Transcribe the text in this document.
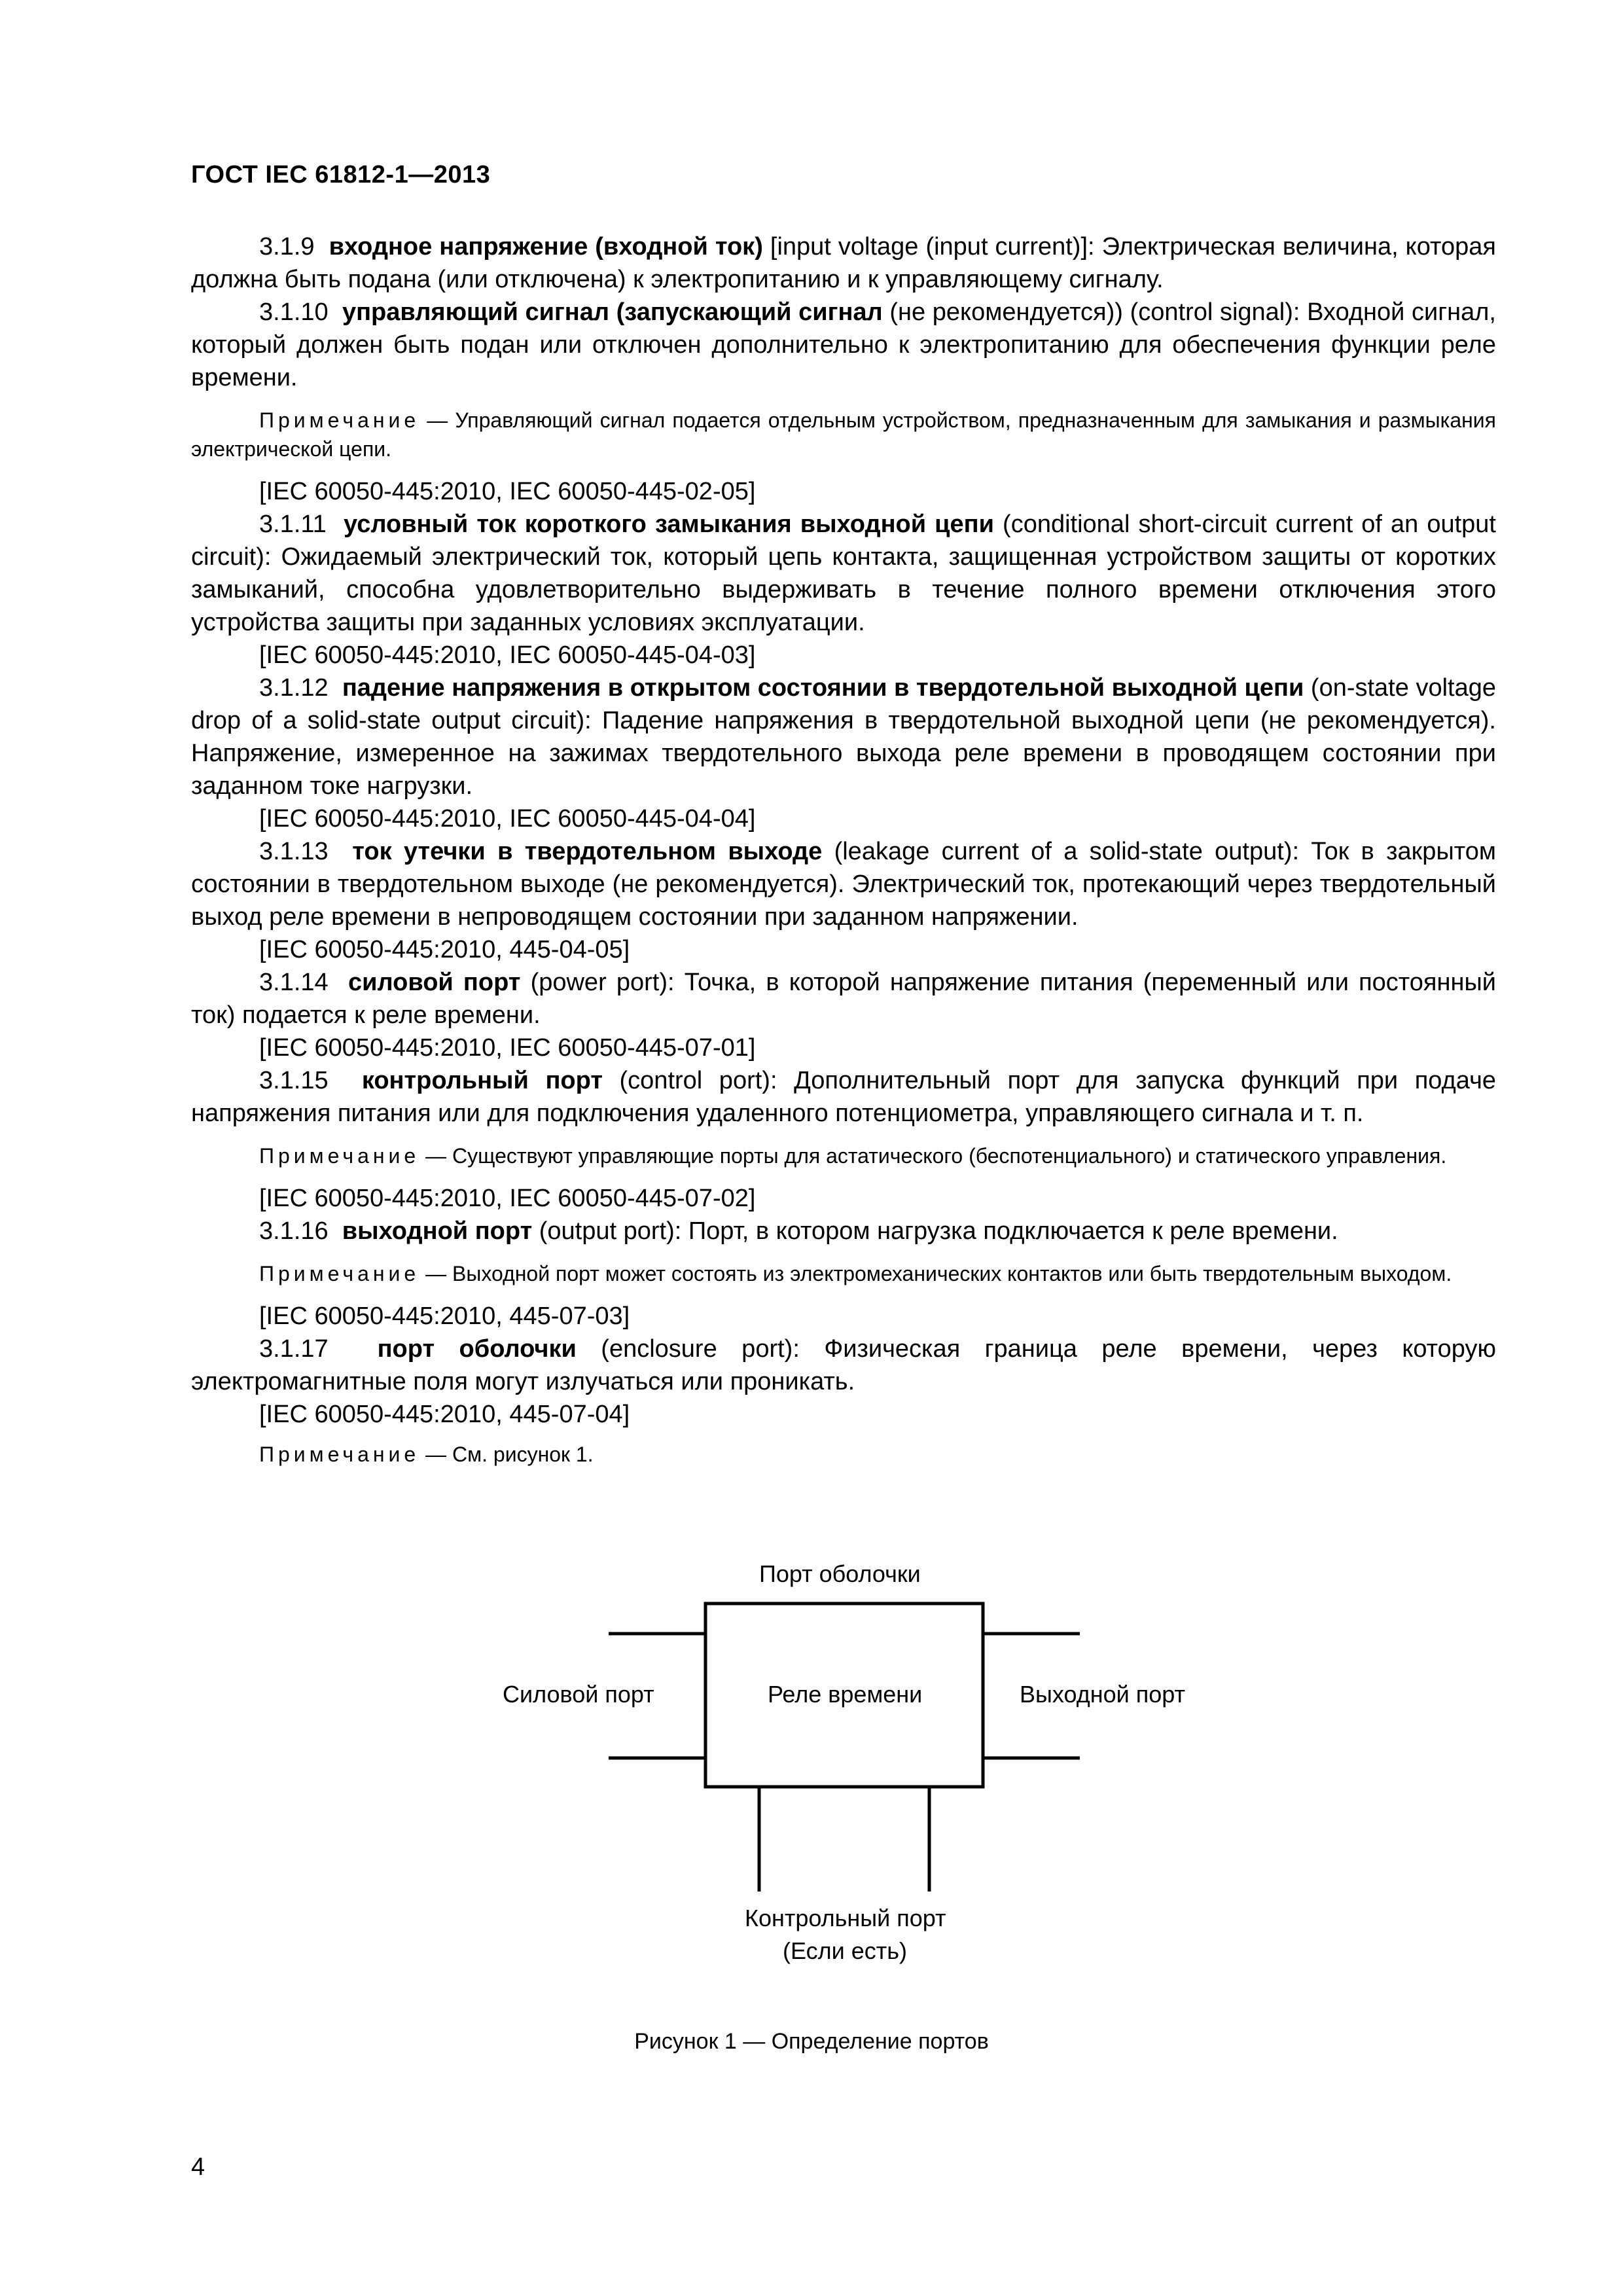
ГОСТ IEC 61812-1—2013

3.1.9 входное напряжение (входной ток) [input voltage (input current)]: Электрическая величина, которая должна быть подана (или отключена) к электропитанию и к управляющему сигналу.

3.1.10 управляющий сигнал (запускающий сигнал (не рекомендуется)) (control signal): Входной сигнал, который должен быть подан или отключен дополнительно к электропитанию для обеспечения функции реле времени.

Примечание — Управляющий сигнал подается отдельным устройством, предназначенным для замыкания и размыкания электрической цепи.

[IEC 60050-445:2010, IEC 60050-445-02-05]

3.1.11 условный ток короткого замыкания выходной цепи (conditional short-circuit current of an output circuit): Ожидаемый электрический ток, который цепь контакта, защищенная устройством защиты от коротких замыканий, способна удовлетворительно выдерживать в течение полного времени отключения этого устройства защиты при заданных условиях эксплуатации.

[IEC 60050-445:2010, IEC 60050-445-04-03]

3.1.12 падение напряжения в открытом состоянии в твердотельной выходной цепи (on-state voltage drop of a solid-state output circuit): Падение напряжения в твердотельной выходной цепи (не рекомендуется). Напряжение, измеренное на зажимах твердотельного выхода реле времени в проводящем состоянии при заданном токе нагрузки.

[IEC 60050-445:2010, IEC 60050-445-04-04]

3.1.13 ток утечки в твердотельном выходе (leakage current of a solid-state output): Ток в закрытом состоянии в твердотельном выходе (не рекомендуется). Электрический ток, протекающий через твердотельный выход реле времени в непроводящем состоянии при заданном напряжении.

[IEC 60050-445:2010, 445-04-05]

3.1.14 силовой порт (power port): Точка, в которой напряжение питания (переменный или постоянный ток) подается к реле времени.

[IEC 60050-445:2010, IEC 60050-445-07-01]

3.1.15 контрольный порт (control port): Дополнительный порт для запуска функций при подаче напряжения питания или для подключения удаленного потенциометра, управляющего сигнала и т. п.

Примечание — Существуют управляющие порты для астатического (беспотенциального) и статического управления.

[IEC 60050-445:2010, IEC 60050-445-07-02]

3.1.16 выходной порт (output port): Порт, в котором нагрузка подключается к реле времени.

Примечание — Выходной порт может состоять из электромеханических контактов или быть твердотельным выходом.

[IEC 60050-445:2010, 445-07-03]

3.1.17 порт оболочки (enclosure port): Физическая граница реле времени, через которую электромагнитные поля могут излучаться или проникать.

[IEC 60050-445:2010, 445-07-04]

Примечание — См. рисунок 1.

Порт оболочки
Реле времени
Силовой порт	Выходной порт
Контрольный порт
(Если есть)
Рисунок 1 — Определение портов
4
